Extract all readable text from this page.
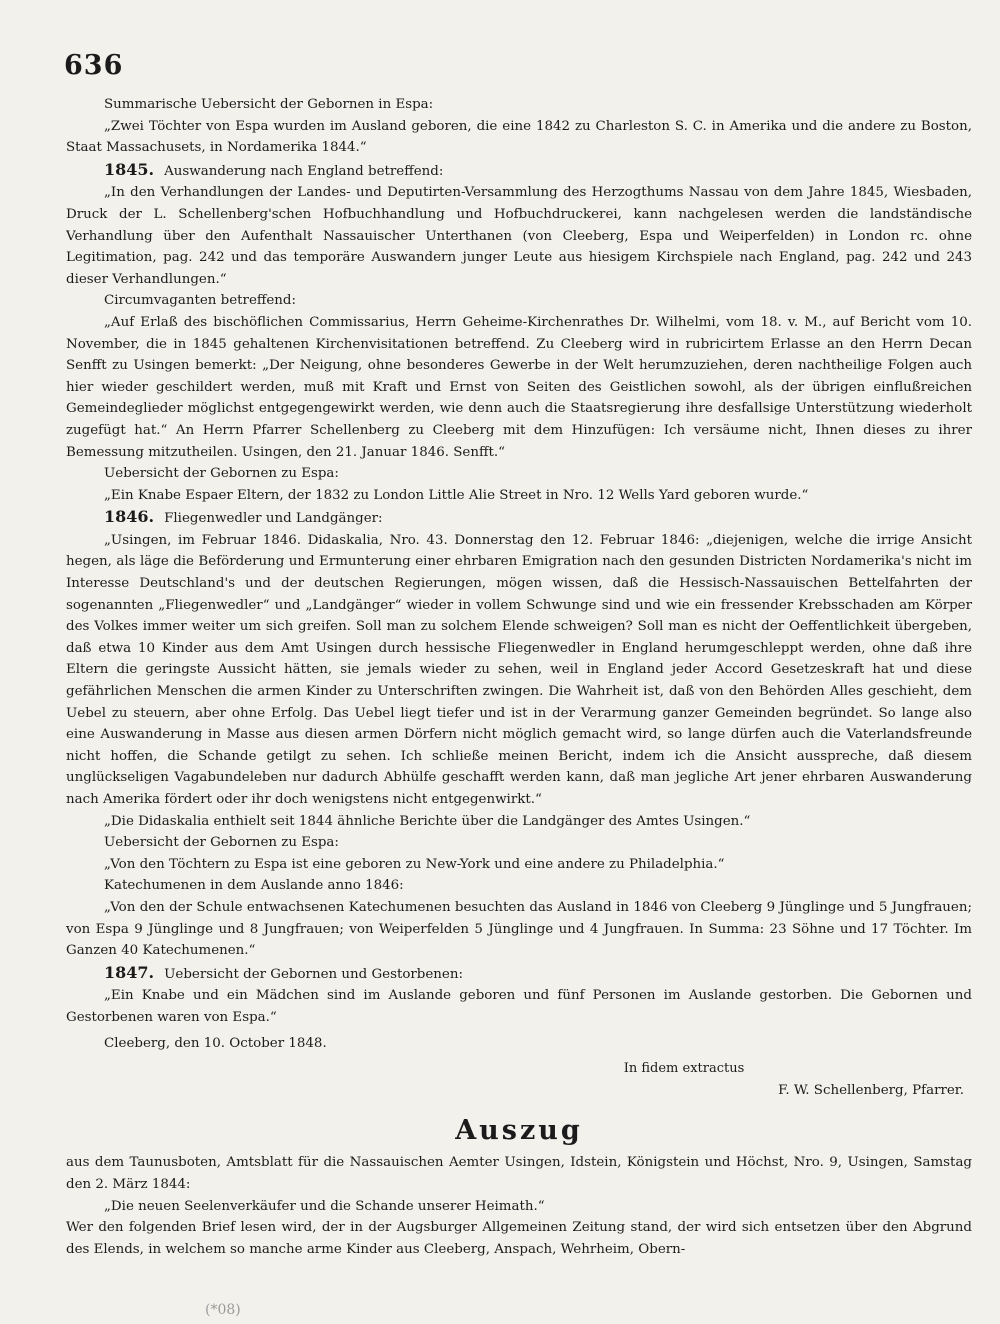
636

Summarische Uebersicht der Gebornen in Espa:

„Zwei Töchter von Espa wurden im Ausland geboren, die eine 1842 zu Charleston S. C. in Amerika und die andere zu Boston, Staat Massachusets, in Nordamerika 1844.“

1845. Auswanderung nach England betreffend:

„In den Verhandlungen der Landes- und Deputirten-Versammlung des Herzogthums Nassau von dem Jahre 1845, Wiesbaden, Druck der L. Schellenberg'schen Hofbuchhandlung und Hofbuchdruckerei, kann nachgelesen werden die landständische Verhandlung über den Aufenthalt Nassauischer Unterthanen (von Cleeberg, Espa und Weiperfelden) in London rc. ohne Legitimation, pag. 242 und das temporäre Auswandern junger Leute aus hiesigem Kirchspiele nach England, pag. 242 und 243 dieser Verhandlungen.“

Circumvaganten betreffend:

„Auf Erlaß des bischöflichen Commissarius, Herrn Geheime-Kirchenrathes Dr. Wilhelmi, vom 18. v. M., auf Bericht vom 10. November, die in 1845 gehaltenen Kirchenvisitationen betreffend. Zu Cleeberg wird in rubricirtem Erlasse an den Herrn Decan Senfft zu Usingen bemerkt: „Der Neigung, ohne besonderes Gewerbe in der Welt herumzuziehen, deren nachtheilige Folgen auch hier wieder geschildert werden, muß mit Kraft und Ernst von Seiten des Geistlichen sowohl, als der übrigen einflußreichen Gemeindeglieder möglichst entgegengewirkt werden, wie denn auch die Staatsregierung ihre desfallsige Unterstützung wiederholt zugefügt hat.“ An Herrn Pfarrer Schellenberg zu Cleeberg mit dem Hinzufügen: Ich versäume nicht, Ihnen dieses zu ihrer Bemessung mitzutheilen. Usingen, den 21. Januar 1846. Senfft.“

Uebersicht der Gebornen zu Espa:

„Ein Knabe Espaer Eltern, der 1832 zu London Little Alie Street in Nro. 12 Wells Yard geboren wurde.“

1846. Fliegenwedler und Landgänger:

„Usingen, im Februar 1846. Didaskalia, Nro. 43. Donnerstag den 12. Februar 1846: „diejenigen, welche die irrige Ansicht hegen, als läge die Beförderung und Ermunterung einer ehrbaren Emigration nach den gesunden Districten Nordamerika's nicht im Interesse Deutschland's und der deutschen Regierungen, mögen wissen, daß die Hessisch-Nassauischen Bettelfahrten der sogenannten „Fliegenwedler“ und „Landgänger“ wieder in vollem Schwunge sind und wie ein fressender Krebsschaden am Körper des Volkes immer weiter um sich greifen. Soll man zu solchem Elende schweigen? Soll man es nicht der Oeffentlichkeit übergeben, daß etwa 10 Kinder aus dem Amt Usingen durch hessische Fliegenwedler in England herumgeschleppt werden, ohne daß ihre Eltern die geringste Aussicht hätten, sie jemals wieder zu sehen, weil in England jeder Accord Gesetzeskraft hat und diese gefährlichen Menschen die armen Kinder zu Unterschriften zwingen. Die Wahrheit ist, daß von den Behörden Alles geschieht, dem Uebel zu steuern, aber ohne Erfolg. Das Uebel liegt tiefer und ist in der Verarmung ganzer Gemeinden begründet. So lange also eine Auswanderung in Masse aus diesen armen Dörfern nicht möglich gemacht wird, so lange dürfen auch die Vaterlandsfreunde nicht hoffen, die Schande getilgt zu sehen. Ich schließe meinen Bericht, indem ich die Ansicht ausspreche, daß diesem unglückseligen Vagabundeleben nur dadurch Abhülfe geschafft werden kann, daß man jegliche Art jener ehrbaren Auswanderung nach Amerika fördert oder ihr doch wenigstens nicht entgegenwirkt.“

„Die Didaskalia enthielt seit 1844 ähnliche Berichte über die Landgänger des Amtes Usingen.“

Uebersicht der Gebornen zu Espa:

„Von den Töchtern zu Espa ist eine geboren zu New-York und eine andere zu Philadelphia.“

Katechumenen in dem Auslande anno 1846:

„Von den der Schule entwachsenen Katechumenen besuchten das Ausland in 1846 von Cleeberg 9 Jünglinge und 5 Jungfrauen; von Espa 9 Jünglinge und 8 Jungfrauen; von Weiperfelden 5 Jünglinge und 4 Jungfrauen. In Summa: 23 Söhne und 17 Töchter. Im Ganzen 40 Katechumenen.“

1847. Uebersicht der Gebornen und Gestorbenen:

„Ein Knabe und ein Mädchen sind im Auslande geboren und fünf Personen im Auslande gestorben. Die Gebornen und Gestorbenen waren von Espa.“

Cleeberg, den 10. October 1848.

In fidem extractus

F. W. Schellenberg, Pfarrer.

Auszug

aus dem Taunusboten, Amtsblatt für die Nassauischen Aemter Usingen, Idstein, Königstein und Höchst, Nro. 9, Usingen, Samstag den 2. März 1844:

„Die neuen Seelenverkäufer und die Schande unserer Heimath.“

Wer den folgenden Brief lesen wird, der in der Augsburger Allgemeinen Zeitung stand, der wird sich entsetzen über den Abgrund des Elends, in welchem so manche arme Kinder aus Cleeberg, Anspach, Wehrheim, Obern-

(*08)
